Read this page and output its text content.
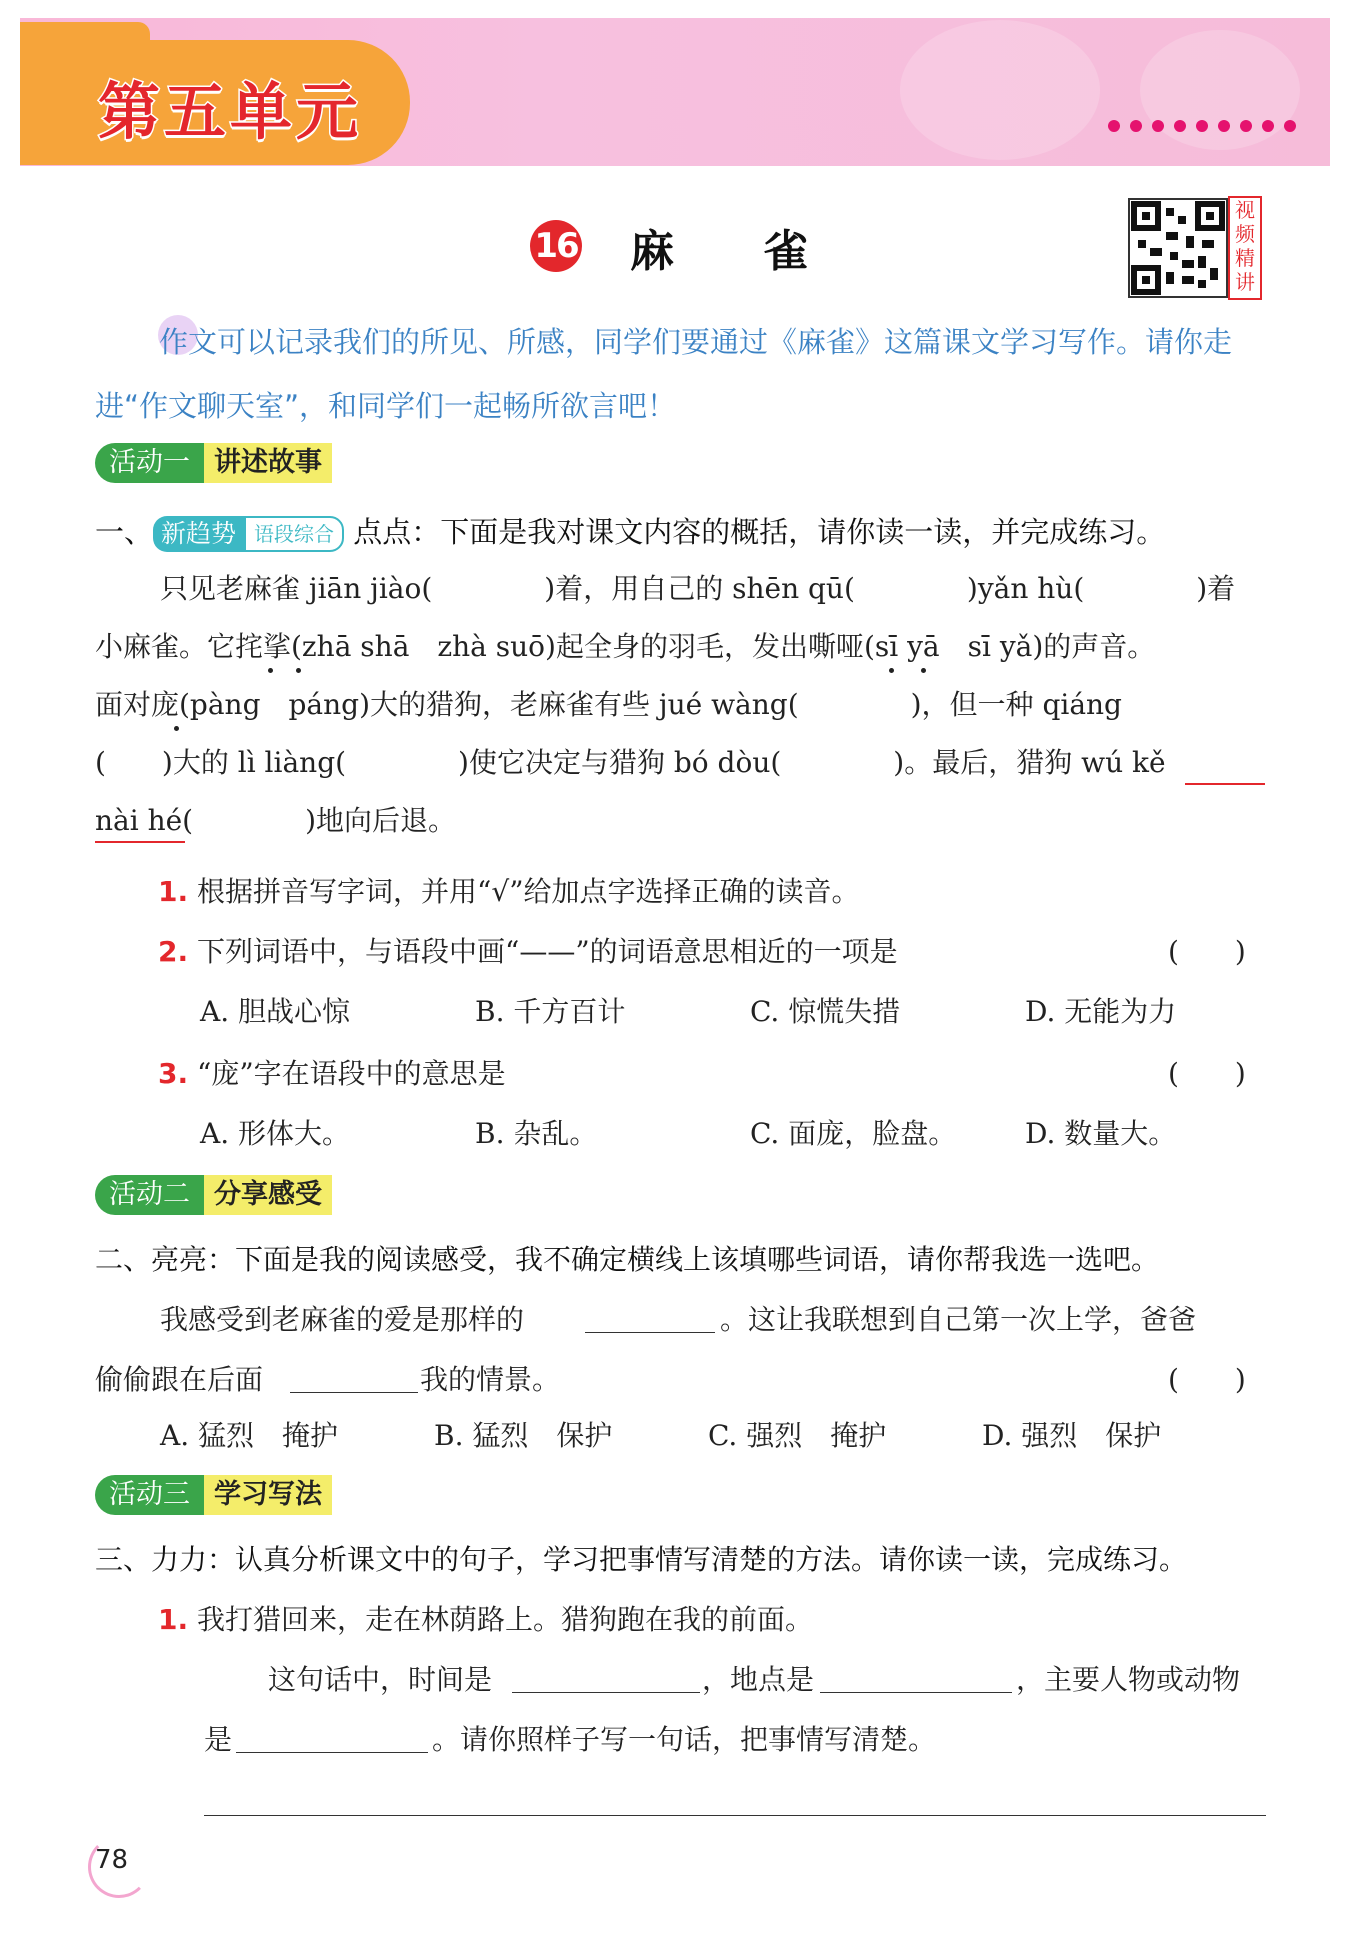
第五单元
16 麻雀
视频精讲
作文可以记录我们的所见、所感，同学们要通过《麻雀》这篇课文学习写作。请你走进“作文聊天室”，和同学们一起畅所欲言吧！
活动一 讲述故事
一、 新趋势 语段综合 点点：下面是我对课文内容的概括，请你读一读，并完成练习。
只见老麻雀 jiān jiào(　　　　)着，用自己的 shēn qū(　　　　)yǎn hù(　　　　)着
小麻雀。它挓挲(zhā shā　zhà suō)起全身的羽毛，发出嘶哑(sī yā　sī yǎ)的声音。
面对庞(pàng　páng)大的猎狗，老麻雀有些 jué wàng(　　　　)，但一种 qiáng
(　　)大的 lì liàng(　　　　)使它决定与猎狗 bó dòu(　　　　)。最后，猎狗 wú kě
nài hé(　　　　)地向后退。
1. 根据拼音写字词，并用“√”给加点字选择正确的读音。
2. 下列词语中，与语段中画“——”的词语意思相近的一项是	(　　)
A. 胆战心惊	B. 千方百计	C. 惊慌失措	D. 无能为力
3. “庞”字在语段中的意思是	(　　)
A. 形体大。	B. 杂乱。	C. 面庞，脸盘。 D. 数量大。
活动二 分享感受
二、亮亮：下面是我的阅读感受，我不确定横线上该填哪些词语，请你帮我选一选吧。
我感受到老麻雀的爱是那样的	。这让我联想到自己第一次上学，爸爸
偷偷跟在后面	我的情景。	(　　)
A. 猛烈　掩护	B. 猛烈　保护	C. 强烈　掩护	D. 强烈　保护
活动三 学习写法
三、力力：认真分析课文中的句子，学习把事情写清楚的方法。请你读一读，完成练习。
1. 我打猎回来，走在林荫路上。猎狗跑在我的前面。
这句话中，时间是	，地点是	，主要人物或动物
是	。请你照样子写一句话，把事情写清楚。
78
